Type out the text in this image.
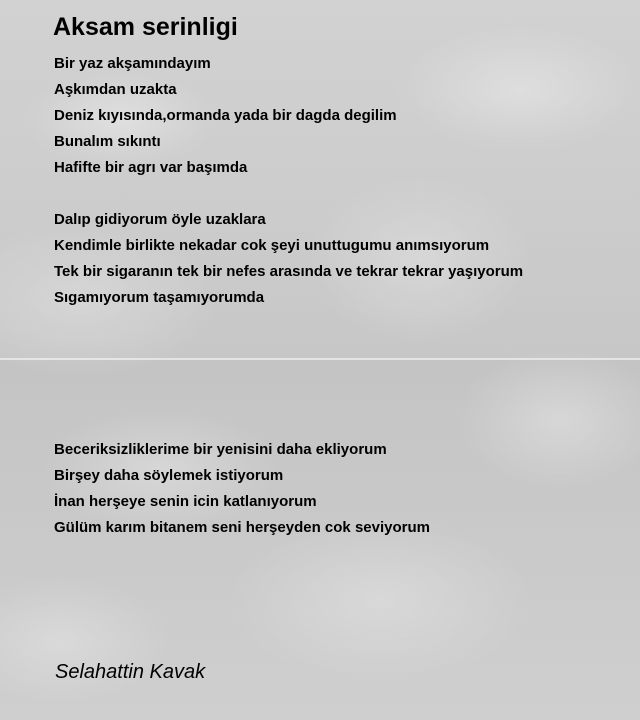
Aksam serinligi
Bir yaz akşamındayım
Aşkımdan uzakta
Deniz kıyısında,ormanda yada bir dagda degilim
Bunalım sıkıntı
Hafifte bir agrı var başımda
Dalıp gidiyorum öyle uzaklara
Kendimle birlikte nekadar cok şeyi unuttugumu anımsıyorum
Tek bir sigaranın tek bir nefes arasında ve tekrar tekrar yaşıyorum
Sıgamıyorum taşamıyorumda
Beceriksizliklerime bir yenisini daha ekliyorum
Birşey daha söylemek istiyorum
İnan herşeye senin icin katlanıyorum
Gülüm karım bitanem seni herşeyden cok seviyorum
Selahattin Kavak
